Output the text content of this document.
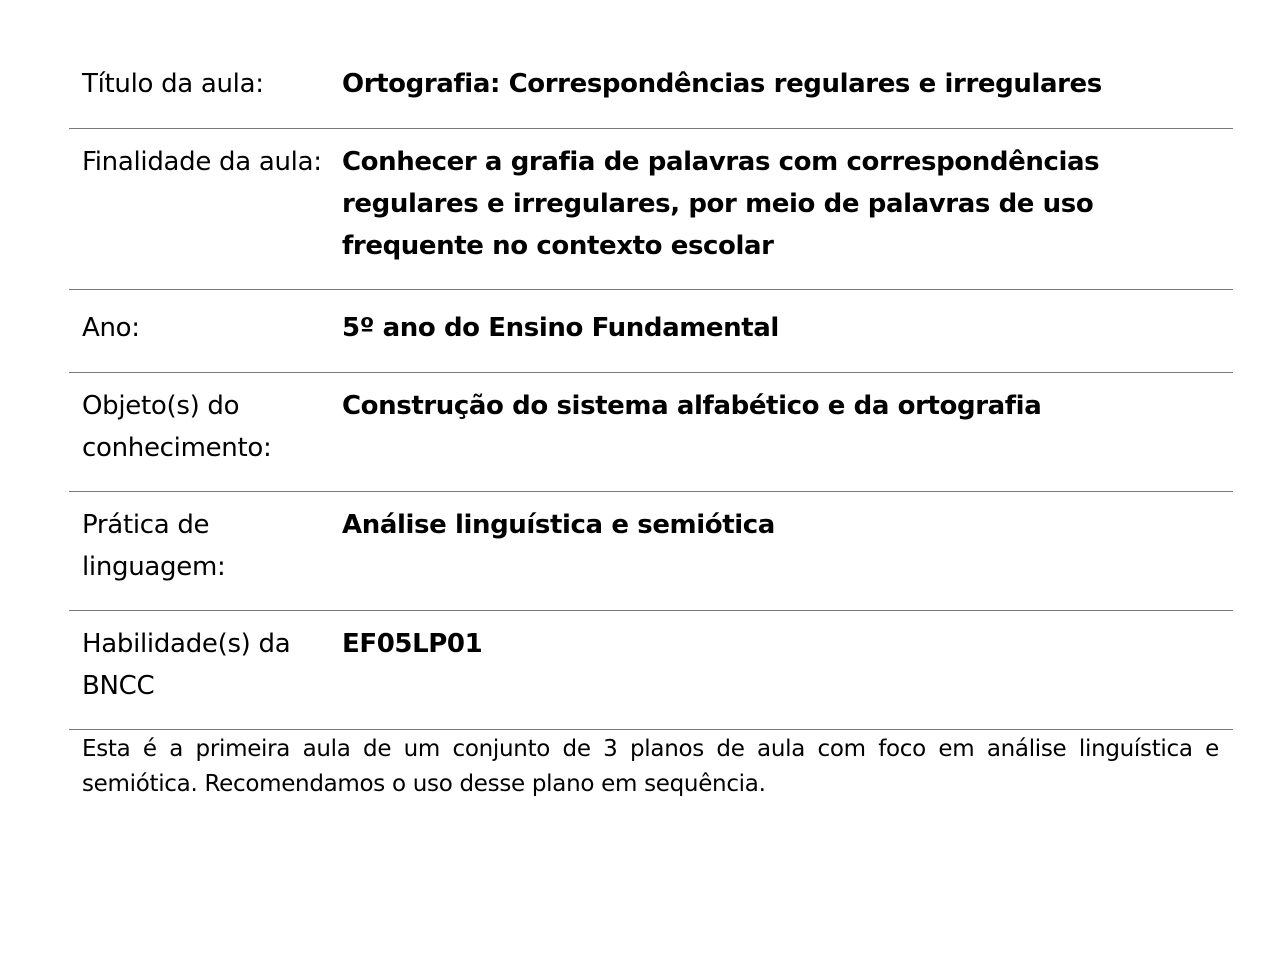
Título da aula:	Ortografia: Correspondências regulares e irregulares
Finalidade da aula:	Conhecer a grafia de palavras com correspondências regulares e irregulares, por meio de palavras de uso frequente no contexto escolar
Ano:	5º ano do Ensino Fundamental
Objeto(s) do conhecimento:	Construção do sistema alfabético e da ortografia
Prática de linguagem:	Análise linguística e semiótica
Habilidade(s) da BNCC	EF05LP01

Esta é a primeira aula de um conjunto de 3 planos de aula com foco em análise linguística e semiótica. Recomendamos o uso desse plano em sequência.
